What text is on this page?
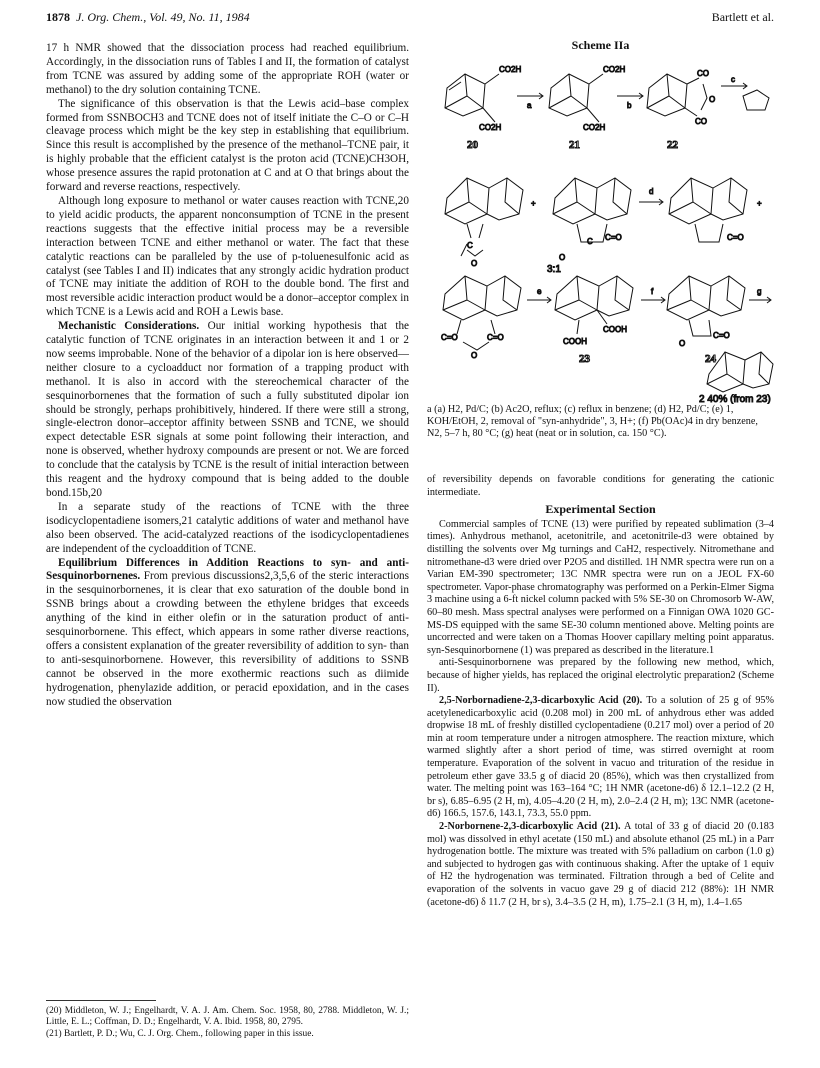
1878 J. Org. Chem., Vol. 49, No. 11, 1984	Bartlett et al.

17 h NMR showed that the dissociation process had reached equilibrium. Accordingly, in the dissociation runs of Tables I and II, the formation of catalyst from TCNE was assured by adding some of the appropriate ROH (water or methanol) to the dry solution containing TCNE.

The significance of this observation is that the Lewis acid–base complex formed from SSNBOCH3 and TCNE does not of itself initiate the C–O or C–H cleavage process which might be the key step in establishing that equilibrium. Since this result is accomplished by the presence of the methanol–TCNE pair, it is highly probable that the efficient catalyst is the proton acid (TCNE)CH3OH, whose presence assures the rapid protonation at C and at O that brings about the forward and reverse reactions, respectively.

Although long exposure to methanol or water causes reaction with TCNE,20 to yield acidic products, the apparent nonconsumption of TCNE in the present reactions suggests that the effective initial process may be a reversible interaction between TCNE and either methanol or water. The fact that these catalytic reactions can be paralleled by the use of p-toluenesulfonic acid as catalyst (see Tables I and II) indicates that any strongly acidic hydration product of TCNE may initiate the addition of ROH to the double bond. The first and most reversible acidic interaction product would be a donor–acceptor complex in which TCNE is a Lewis acid and ROH a Lewis base.

Mechanistic Considerations. Our initial working hypothesis that the catalytic function of TCNE originates in an interaction between it and 1 or 2 now seems improbable. None of the behavior of a dipolar ion is here observed—neither closure to a cycloadduct nor formation of a trapping product with methanol. It is also in accord with the stereochemical character of the sesquinorbornenes that the formation of such a fully substituted dipolar ion should be strongly, perhaps prohibitively, hindered. If there were still a strong, single-electron donor–acceptor affinity between SSNB and TCNE, we should expect detectable ESR signals at some point following their interaction, and none is observed, whether hydroxy compounds are present or not. We are forced to conclude that the catalysis by TCNE is the result of initial interaction between this reagent and the hydroxy compound that is being added to the double bond.15b,20

In a separate study of the reactions of TCNE with the three isodicyclopentadiene isomers,21 catalytic additions of water and methanol have also been observed. The acid-catalyzed reactions of the isodicyclopentadienes are independent of the cycloaddition of TCNE.

Equilibrium Differences in Addition Reactions to syn- and anti-Sesquinorbornenes. From previous discussions2,3,5,6 of the steric interactions in the sesquinorbornenes, it is clear that exo saturation of the double bond in SSNB brings about a crowding between the ethylene bridges that exceeds anything of the kind in either olefin or in the saturation product of anti-sesquinorbornene. This effect, which appears in some rather diverse reactions, offers a consistent explanation of the greater reversibility of addition to syn- than to anti-sesquinorbornene. However, this reversibility of additions to SSNB cannot be observed in the more exothermic reactions such as diimide hydrogenation, phenylazide addition, or peracid epoxidation, and in the cases now studied the observation

(20) Middleton, W. J.; Engelhardt, V. A. J. Am. Chem. Soc. 1958, 80, 2788. Middleton, W. J.; Little, E. L.; Coffman, D. D.; Engelhardt, V. A. Ibid. 1958, 80, 2795.

(21) Bartlett, P. D.; Wu, C. J. Org. Chem., following paper in this issue.

Scheme IIa
CO2H
CO2H
20
a
CO2H
CO2H
21
b
CO
CO
O
22
c
C
O
+
C=O
O
C
d
C=O
+
3:1
C=O	C=O
O
e
COOH
COOH
23
f
C=O
O
24
g
2 40% (from 23)
a (a) H2, Pd/C; (b) Ac2O, reflux; (c) reflux in benzene; (d) H2, Pd/C; (e) 1, KOH/EtOH, 2, removal of "syn-anhydride", 3, H+; (f) Pb(OAc)4 in dry benzene, N2, 5–7 h, 80 °C; (g) heat (neat or in solution, ca. 150 °C).

of reversibility depends on favorable conditions for generating the cationic intermediate.

Experimental Section

Commercial samples of TCNE (13) were purified by repeated sublimation (3–4 times). Anhydrous methanol, acetonitrile, and acetonitrile-d3 were obtained by distilling the solvents over Mg turnings and CaH2, respectively. Nitromethane and nitromethane-d3 were dried over P2O5 and distilled. 1H NMR spectra were run on a Varian EM-390 spectrometer; 13C NMR spectra were run on a JEOL FX-60 spectrometer. Vapor-phase chromatography was performed on a Perkin-Elmer Sigma 3 machine using a 6-ft nickel column packed with 5% SE-30 on Chromosorb W-AW, 60–80 mesh. Mass spectral analyses were performed on a Finnigan OWA 1020 GC-MS-DS equipped with the same SE-30 column mentioned above. Melting points are uncorrected and were taken on a Thomas Hoover capillary melting point apparatus. syn-Sesquinorbornene (1) was prepared as described in the literature.1

anti-Sesquinorbornene was prepared by the following new method, which, because of higher yields, has replaced the original electrolytic preparation2 (Scheme II).

2,5-Norbornadiene-2,3-dicarboxylic Acid (20). To a solution of 25 g of 95% acetylenedicarboxylic acid (0.208 mol) in 200 mL of anhydrous ether was added dropwise 18 mL of freshly distilled cyclopentadiene (0.217 mol) over a period of 20 min at room temperature under a nitrogen atmosphere. The reaction mixture, which warmed slightly after a short period of time, was stirred overnight at room temperature. Evaporation of the solvent in vacuo and trituration of the residue in petroleum ether gave 33.5 g of diacid 20 (85%), which was then crystallized from water. The melting point was 163–164 °C; 1H NMR (acetone-d6) δ 12.1–12.2 (2 H, br s), 6.85–6.95 (2 H, m), 4.05–4.20 (2 H, m), 2.0–2.4 (2 H, m); 13C NMR (acetone-d6) 166.5, 157.6, 143.1, 73.3, 55.0 ppm.

2-Norbornene-2,3-dicarboxylic Acid (21). A total of 33 g of diacid 20 (0.183 mol) was dissolved in ethyl acetate (150 mL) and absolute ethanol (25 mL) in a Parr hydrogenation bottle. The mixture was treated with 5% palladium on carbon (1.0 g) and subjected to hydrogen gas with continuous shaking. After the uptake of 1 equiv of H2 the hydrogenation was terminated. Filtration through a bed of Celite and evaporation of the solvents in vacuo gave 29 g of diacid 212 (88%): 1H NMR (acetone-d6) δ 11.7 (2 H, br s), 3.4–3.5 (2 H, m), 1.75–2.1 (3 H, m), 1.4–1.65
